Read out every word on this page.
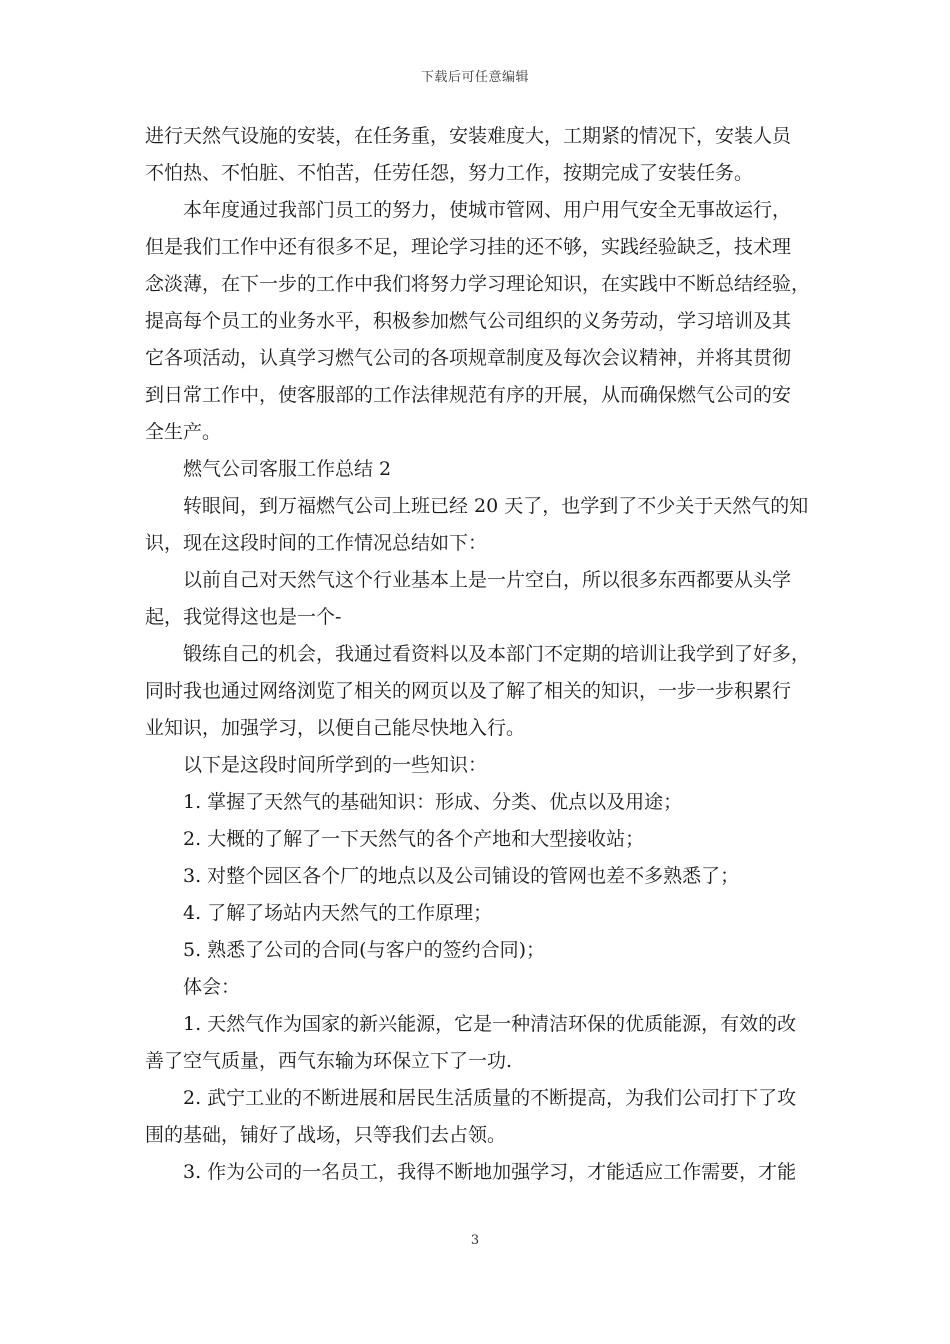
下载后可任意编辑

进行天然气设施的安装，在任务重，安装难度大，工期紧的情况下，安装人员

不怕热、不怕脏、不怕苦，任劳任怨，努力工作，按期完成了安装任务。

本年度通过我部门员工的努力，使城市管网、用户用气安全无事故运行，

但是我们工作中还有很多不足，理论学习挂的还不够，实践经验缺乏，技术理

念淡薄，在下一步的工作中我们将努力学习理论知识，在实践中不断总结经验，

提高每个员工的业务水平，积极参加燃气公司组织的义务劳动，学习培训及其

它各项活动，认真学习燃气公司的各项规章制度及每次会议精神，并将其贯彻

到日常工作中，使客服部的工作法律规范有序的开展，从而确保燃气公司的安

全生产。

燃气公司客服工作总结 2

转眼间，到万福燃气公司上班已经 20 天了，也学到了不少关于天然气的知

识，现在这段时间的工作情况总结如下：

以前自己对天然气这个行业基本上是一片空白，所以很多东西都要从头学

起，我觉得这也是一个-

锻练自己的机会，我通过看资料以及本部门不定期的培训让我学到了好多，

同时我也通过网络浏览了相关的网页以及了解了相关的知识，一步一步积累行

业知识，加强学习，以便自己能尽快地入行。

以下是这段时间所学到的一些知识：

1. 掌握了天然气的基础知识：形成、分类、优点以及用途；

2. 大概的了解了一下天然气的各个产地和大型接收站；

3. 对整个园区各个厂的地点以及公司铺设的管网也差不多熟悉了；

4. 了解了场站内天然气的工作原理；

5. 熟悉了公司的合同(与客户的签约合同)；

体会：

1. 天然气作为国家的新兴能源，它是一种清洁环保的优质能源，有效的改

善了空气质量，西气东输为环保立下了一功.

2. 武宁工业的不断进展和居民生活质量的不断提高，为我们公司打下了攻

围的基础，铺好了战场，只等我们去占领。

3. 作为公司的一名员工，我得不断地加强学习，才能适应工作需要，才能

3
